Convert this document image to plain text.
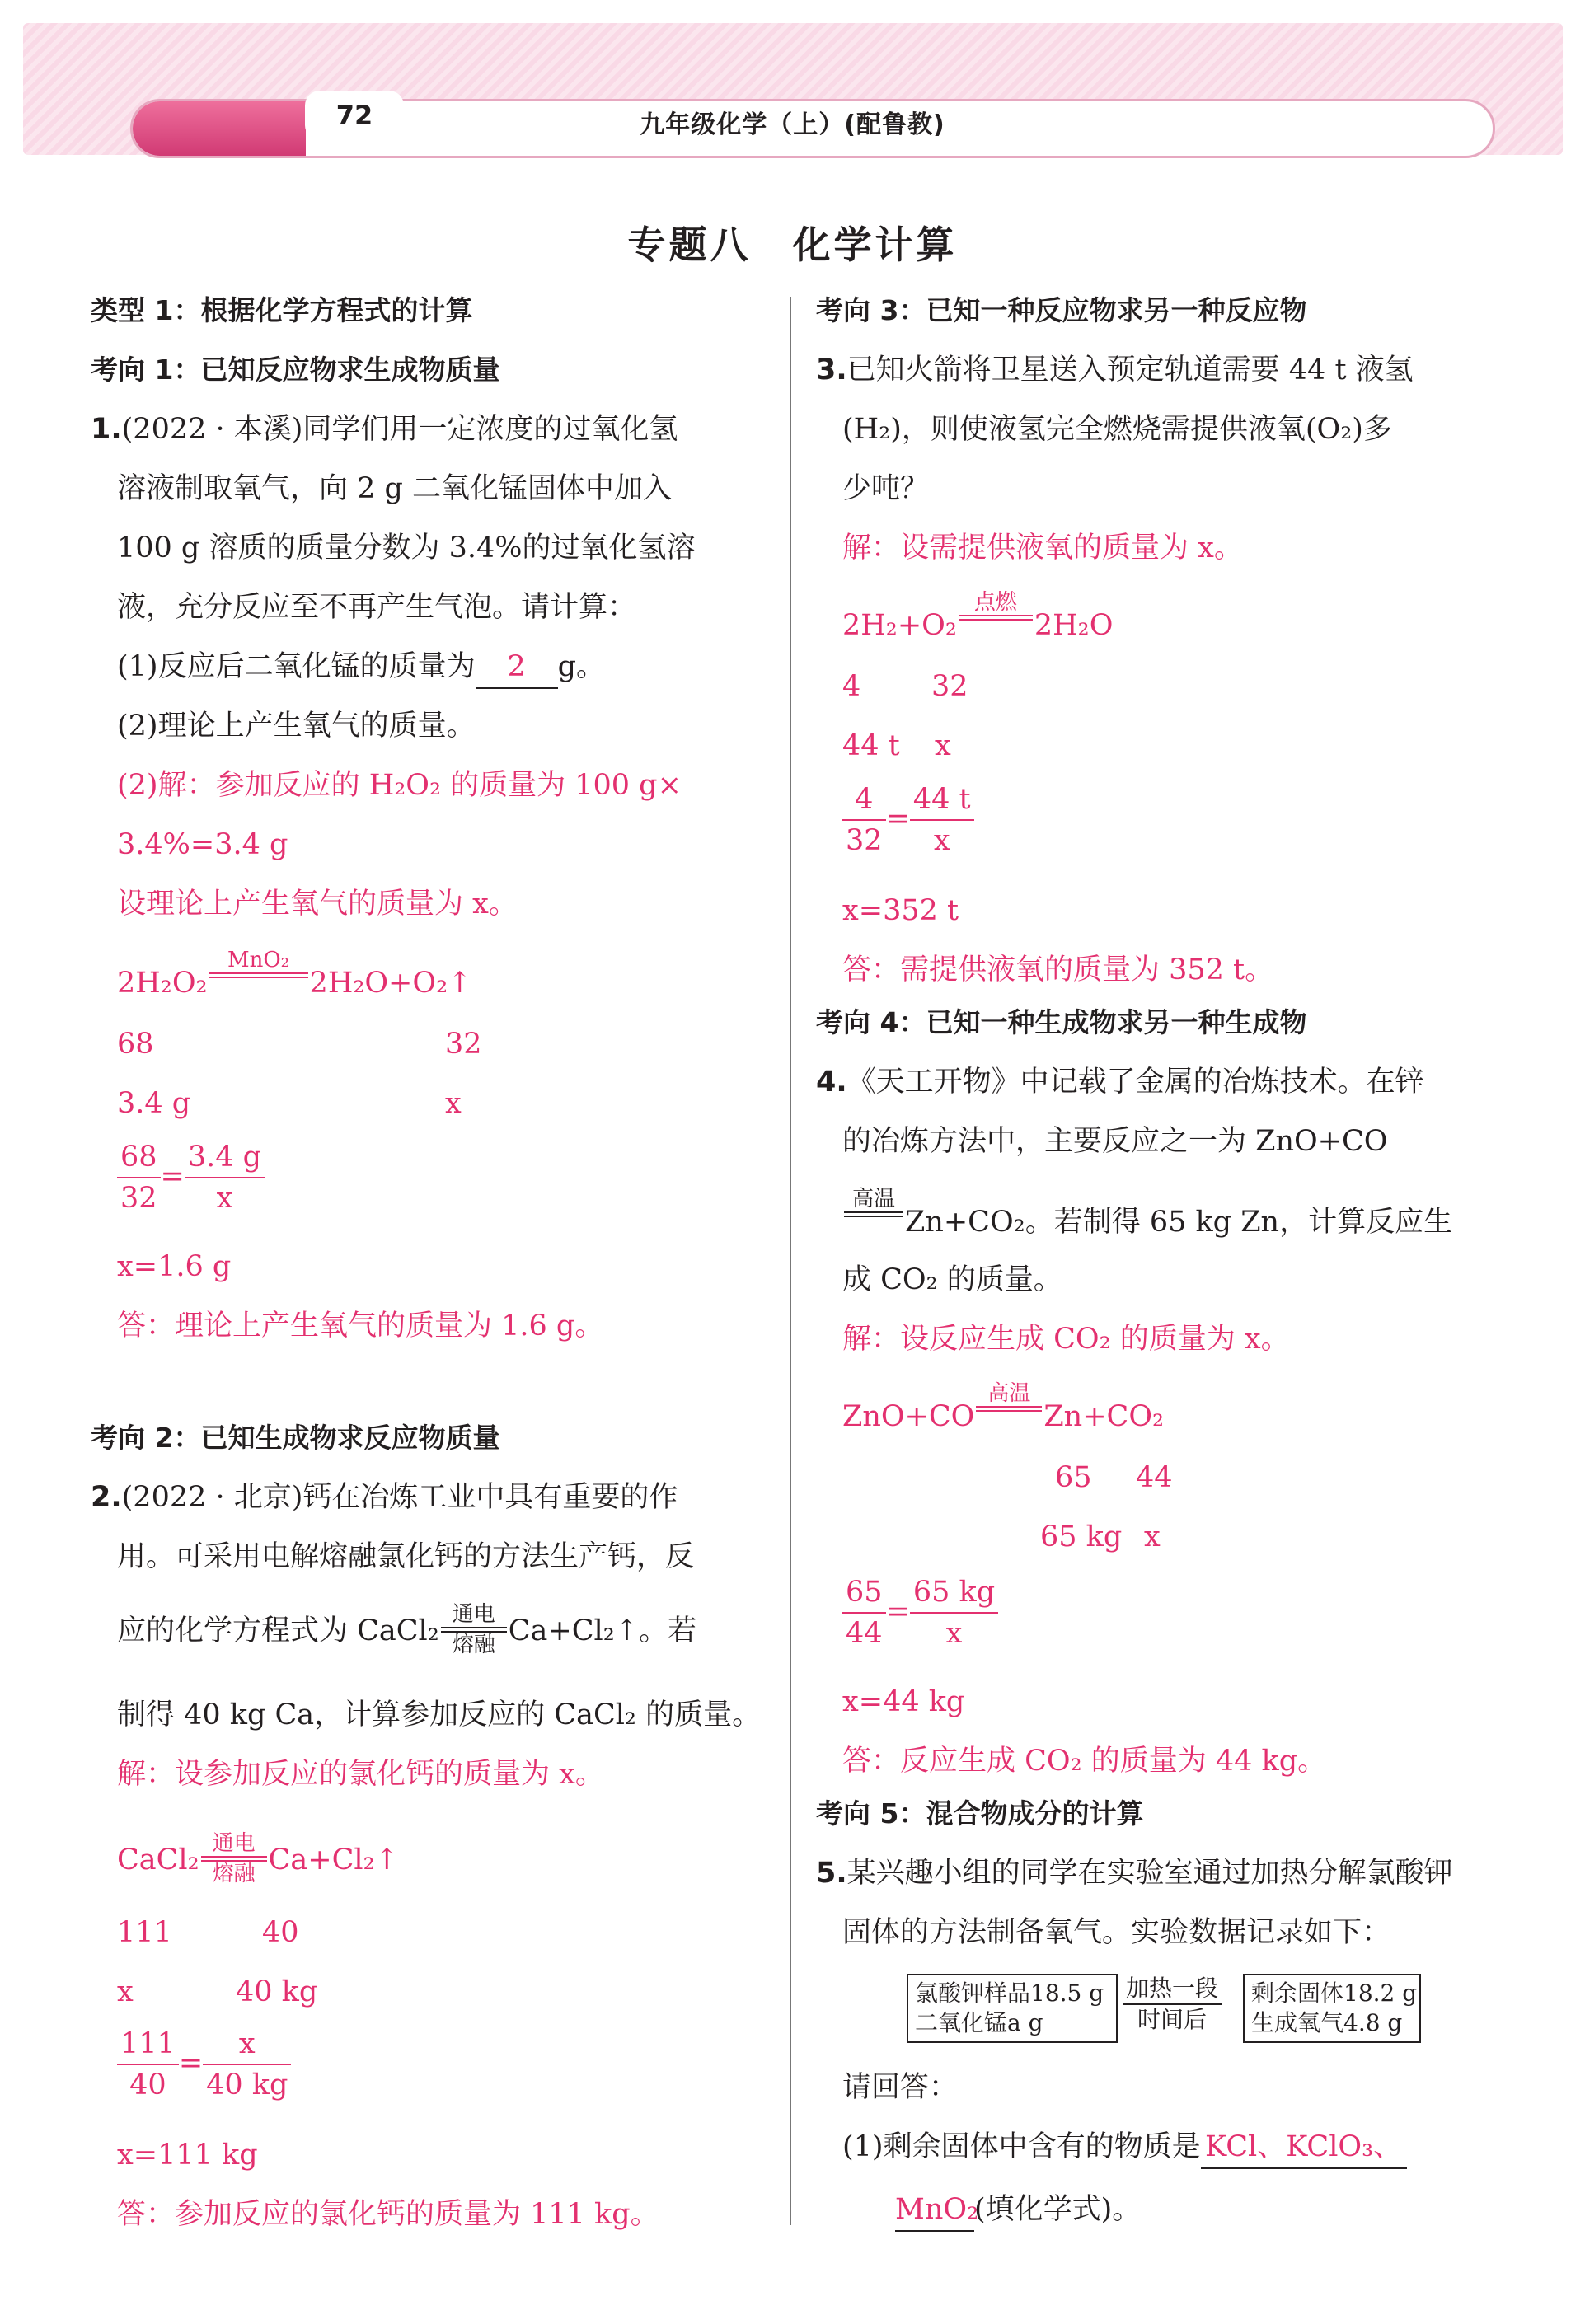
72	九年级化学（上）(配鲁教)
专题八　化学计算
类型 1：根据化学方程式的计算
考向 1：已知反应物求生成物质量
1.(2022 · 本溪)同学们用一定浓度的过氧化氢
溶液制取氧气，向 2 g 二氧化锰固体中加入
100 g 溶质的质量分数为 3.4%的过氧化氢溶
液，充分反应至不再产生气泡。请计算：
(1)反应后二氧化锰的质量为 2 g。
(2)理论上产生氧气的质量。
(2)解：参加反应的 H₂O₂ 的质量为 100 g×
3.4%=3.4 g
设理论上产生氧气的质量为 x。
2H₂O₂
MnO₂

2H₂O+O₂↑
68	32
3.4 g	x
$\frac{68}{32} = \frac{3.4 g}{x}$
x=1.6 g
答：理论上产生氧气的质量为 1.6 g。
考向 2：已知生成物求反应物质量
2.(2022 · 北京)钙在冶炼工业中具有重要的作
用。可采用电解熔融氯化钙的方法生产钙，反
应的化学方程式为 CaCl₂ 通电
熔融 Ca+Cl₂↑。若
制得 40 kg Ca，计算参加反应的 CaCl₂ 的质量。
解：设参加反应的氯化钙的质量为 x。
CaCl₂ 通电
熔融 Ca+Cl₂↑
111	40
x	40 kg
$\frac{111}{40} = \frac{x}{40 kg}$
x=111 kg
答：参加反应的氯化钙的质量为 111 kg。
考向 3：已知一种反应物求另一种反应物
3.已知火箭将卫星送入预定轨道需要 44 t 液氢
(H₂)，则使液氢完全燃烧需提供液氧(O₂)多
少吨？
解：设需提供液氧的质量为 x。
2H₂+O₂
点燃

2H₂O
4 32
44 t x
$\frac{4}{32} = \frac{44 t}{x}$
x=352 t
答：需提供液氧的质量为 352 t。
考向 4：已知一种生成物求另一种生成物
4.《天工开物》中记载了金属的冶炼技术。在锌
的冶炼方法中，主要反应之一为 ZnO+CO
高温

Zn+CO₂。若制得 65 kg Zn，计算反应生
成 CO₂ 的质量。
解：设反应生成 CO₂ 的质量为 x。
ZnO+CO
高温

Zn+CO₂
65 44
65 kg x
$\frac{65}{44} = \frac{65 kg}{x}$
x=44 kg
答：反应生成 CO₂ 的质量为 44 kg。
考向 5：混合物成分的计算
5.某兴趣小组的同学在实验室通过加热分解氯酸钾
固体的方法制备氧气。实验数据记录如下：
氯酸钾样品18.5 g
二氧化锰a g
加热一段
时间后
剩余固体18.2 g
生成氧气4.8 g
请回答：
(1)剩余固体中含有的物质是 KCl、KClO₃、
MnO₂(填化学式)。
